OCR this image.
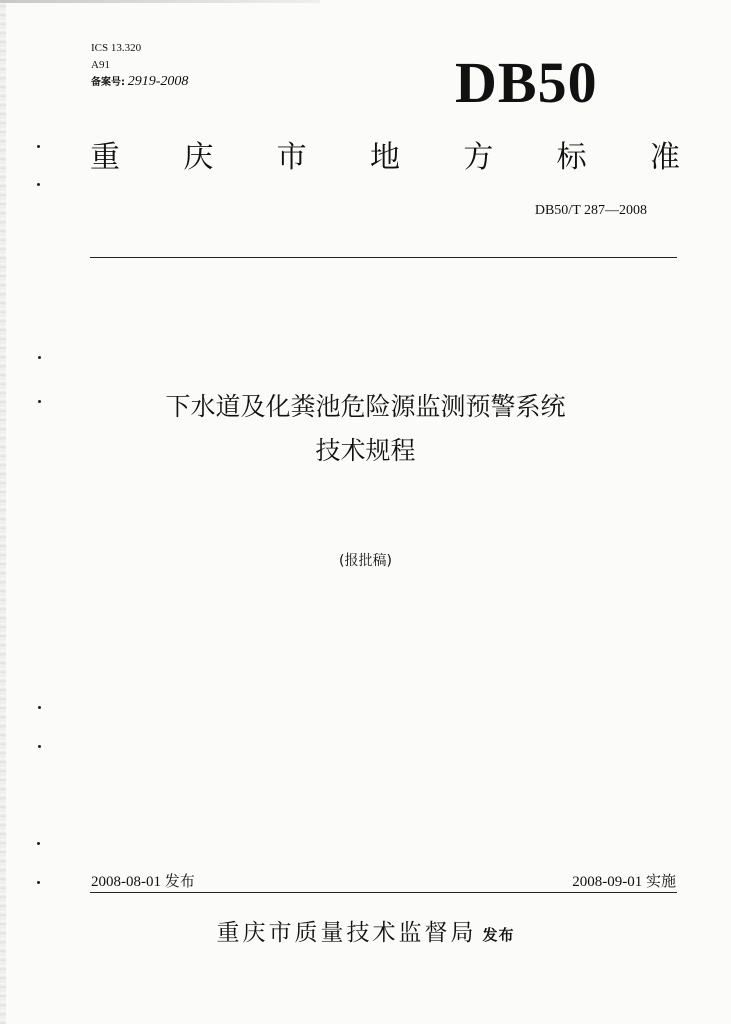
ICS 13.320
A91
备案号: 2919-2008	DB50
重 庆 市 地 方 标 准
DB50/T 287—2008
下水道及化粪池危险源监测预警系统
技术规程
(报批稿)
2008-08-01 发布	2008-09-01 实施
重庆市质量技术监督局 发布
